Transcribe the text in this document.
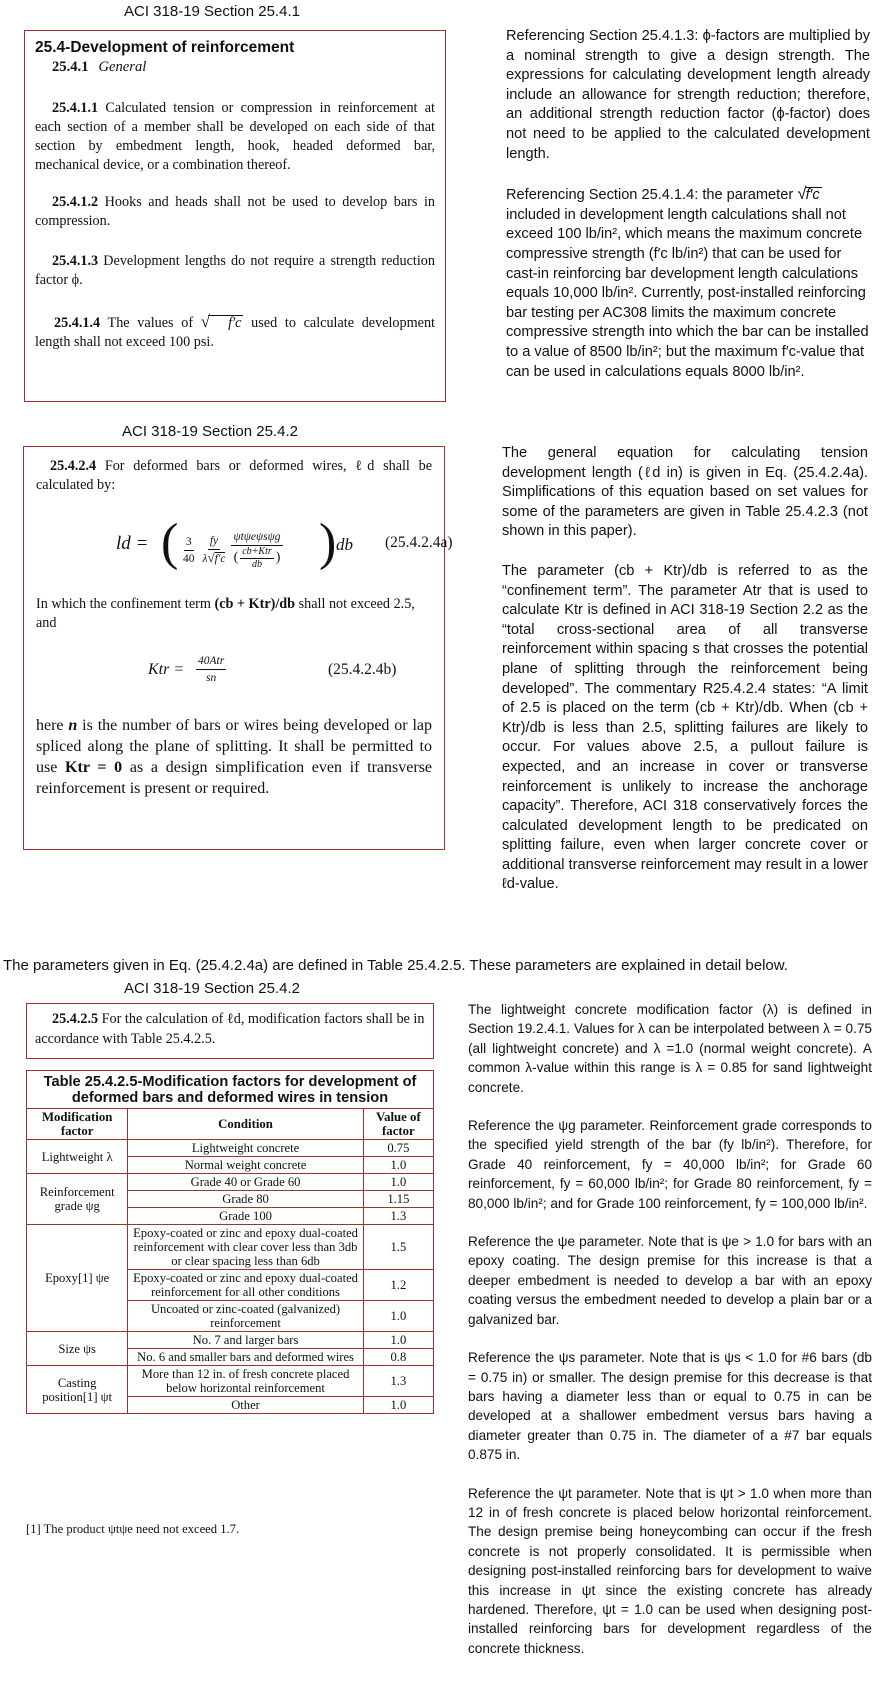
ACI 318-19 Section 25.4.1
25.4-Development of reinforcement
25.4.1 General

25.4.1.1 Calculated tension or compression in reinforcement at each section of a member shall be developed on each side of that section by embedment length, hook, headed deformed bar, mechanical device, or a combination thereof.

25.4.1.2 Hooks and heads shall not be used to develop bars in compression.

25.4.1.3 Development lengths do not require a strength reduction factor ϕ.

25.4.1.4 The values of √ f′c used to calculate development length shall not exceed 100 psi.

Referencing Section 25.4.1.3: ϕ-factors are multiplied by a nominal strength to give a design strength. The expressions for calculating development length already include an allowance for strength reduction; therefore, an additional strength reduction factor (ϕ-factor) does not need to be applied to the calculated development length.

Referencing Section 25.4.1.4: the parameter √f′c included in development length calculations shall not exceed 100 lb/in², which means the maximum concrete compressive strength (f′c lb/in²) that can be used for cast-in reinforcing bar development length calculations equals 10,000 lb/in². Currently, post-installed reinforcing bar testing per AC308 limits the maximum concrete compressive strength into which the bar can be installed to a value of 8500 lb/in²; but the maximum f′c-value that can be used in calculations equals 8000 lb/in².

ACI 318-19 Section 25.4.2

25.4.2.4 For deformed bars or deformed wires, ℓd shall be calculated by:

ld = ( $\frac{3}{40} \frac{fy}{\lambda√f'c} \frac{\text{ψtψeψsψg}}{( \frac{\text{cb+Ktr}}{db} )}$ ) db (25.4.2.4a)

In which the confinement term (cb + Ktr)/db shall not exceed 2.5, and

Ktr = $\frac{\text{40Atr}}{sn}$	(25.4.2.4b)

here n is the number of bars or wires being developed or lap spliced along the plane of splitting. It shall be permitted to use Ktr = 0 as a design simplification even if transverse reinforcement is present or required.

The general equation for calculating tension development length (ℓd in) is given in Eq. (25.4.2.4a). Simplifications of this equation based on set values for some of the parameters are given in Table 25.4.2.3 (not shown in this paper).

The parameter (cb + Ktr)/db is referred to as the “confinement term”. The parameter Atr that is used to calculate Ktr is defined in ACI 318-19 Section 2.2 as the “total cross-sectional area of all transverse reinforcement within spacing s that crosses the potential plane of splitting through the reinforcement being developed”. The commentary R25.4.2.4 states: “A limit of 2.5 is placed on the term (cb + Ktr)/db. When (cb + Ktr)/db is less than 2.5, splitting failures are likely to occur. For values above 2.5, a pullout failure is expected, and an increase in cover or transverse reinforcement is unlikely to increase the anchorage capacity”. Therefore, ACI 318 conservatively forces the calculated development length to be predicated on splitting failure, even when larger concrete cover or additional transverse reinforcement may result in a lower ℓd-value.

The parameters given in Eq. (25.4.2.4a) are defined in Table 25.4.2.5. These parameters are explained in detail below.
ACI 318-19 Section 25.4.2

25.4.2.5 For the calculation of ℓd, modification factors shall be in accordance with Table 25.4.2.5.

Table 25.4.2.5-Modification factors for development of deformed bars and deformed wires in tension
Modification factor	Condition	Value of factor
Lightweight λ	Lightweight concrete	0.75
	Normal weight concrete	1.0
Reinforcement grade ψg	Grade 40 or Grade 60	1.0
	Grade 80	1.15
	Grade 100	1.3
Epoxy[1] ψe	Epoxy-coated or zinc and epoxy dual-coated reinforcement with clear cover less than 3db or clear spacing less than 6db	1.5
	Epoxy-coated or zinc and epoxy dual-coated reinforcement for all other conditions	1.2
	Uncoated or zinc-coated (galvanized) reinforcement	1.0
Size ψs	No. 7 and larger bars	1.0
	No. 6 and smaller bars and deformed wires	0.8
Casting position[1] ψt	More than 12 in. of fresh concrete placed below horizontal reinforcement	1.3
	Other	1.0
[1] The product ψtψe need not exceed 1.7.

The lightweight concrete modification factor (λ) is defined in Section 19.2.4.1. Values for λ can be interpolated between λ = 0.75 (all lightweight concrete) and λ =1.0 (normal weight concrete). A common λ-value within this range is λ = 0.85 for sand lightweight concrete.

Reference the ψg parameter. Reinforcement grade corresponds to the specified yield strength of the bar (fy lb/in²). Therefore, for Grade 40 reinforcement, fy = 40,000 lb/in²; for Grade 60 reinforcement, fy = 60,000 lb/in²; for Grade 80 reinforcement, fy = 80,000 lb/in²; and for Grade 100 reinforcement, fy = 100,000 lb/in².

Reference the ψe parameter. Note that is ψe > 1.0 for bars with an epoxy coating. The design premise for this increase is that a deeper embedment is needed to develop a bar with an epoxy coating versus the embedment needed to develop a plain bar or a galvanized bar.

Reference the ψs parameter. Note that is ψs < 1.0 for #6 bars (db = 0.75 in) or smaller. The design premise for this decrease is that bars having a diameter less than or equal to 0.75 in can be developed at a shallower embedment versus bars having a diameter greater than 0.75 in. The diameter of a #7 bar equals 0.875 in.

Reference the ψt parameter. Note that is ψt > 1.0 when more than 12 in of fresh concrete is placed below horizontal reinforcement. The design premise being honeycombing can occur if the fresh concrete is not properly consolidated. It is permissible when designing post-installed reinforcing bars for development to waive this increase in ψt since the existing concrete has already hardened. Therefore, ψt = 1.0 can be used when designing post-installed reinforcing bars for development regardless of the concrete thickness.
